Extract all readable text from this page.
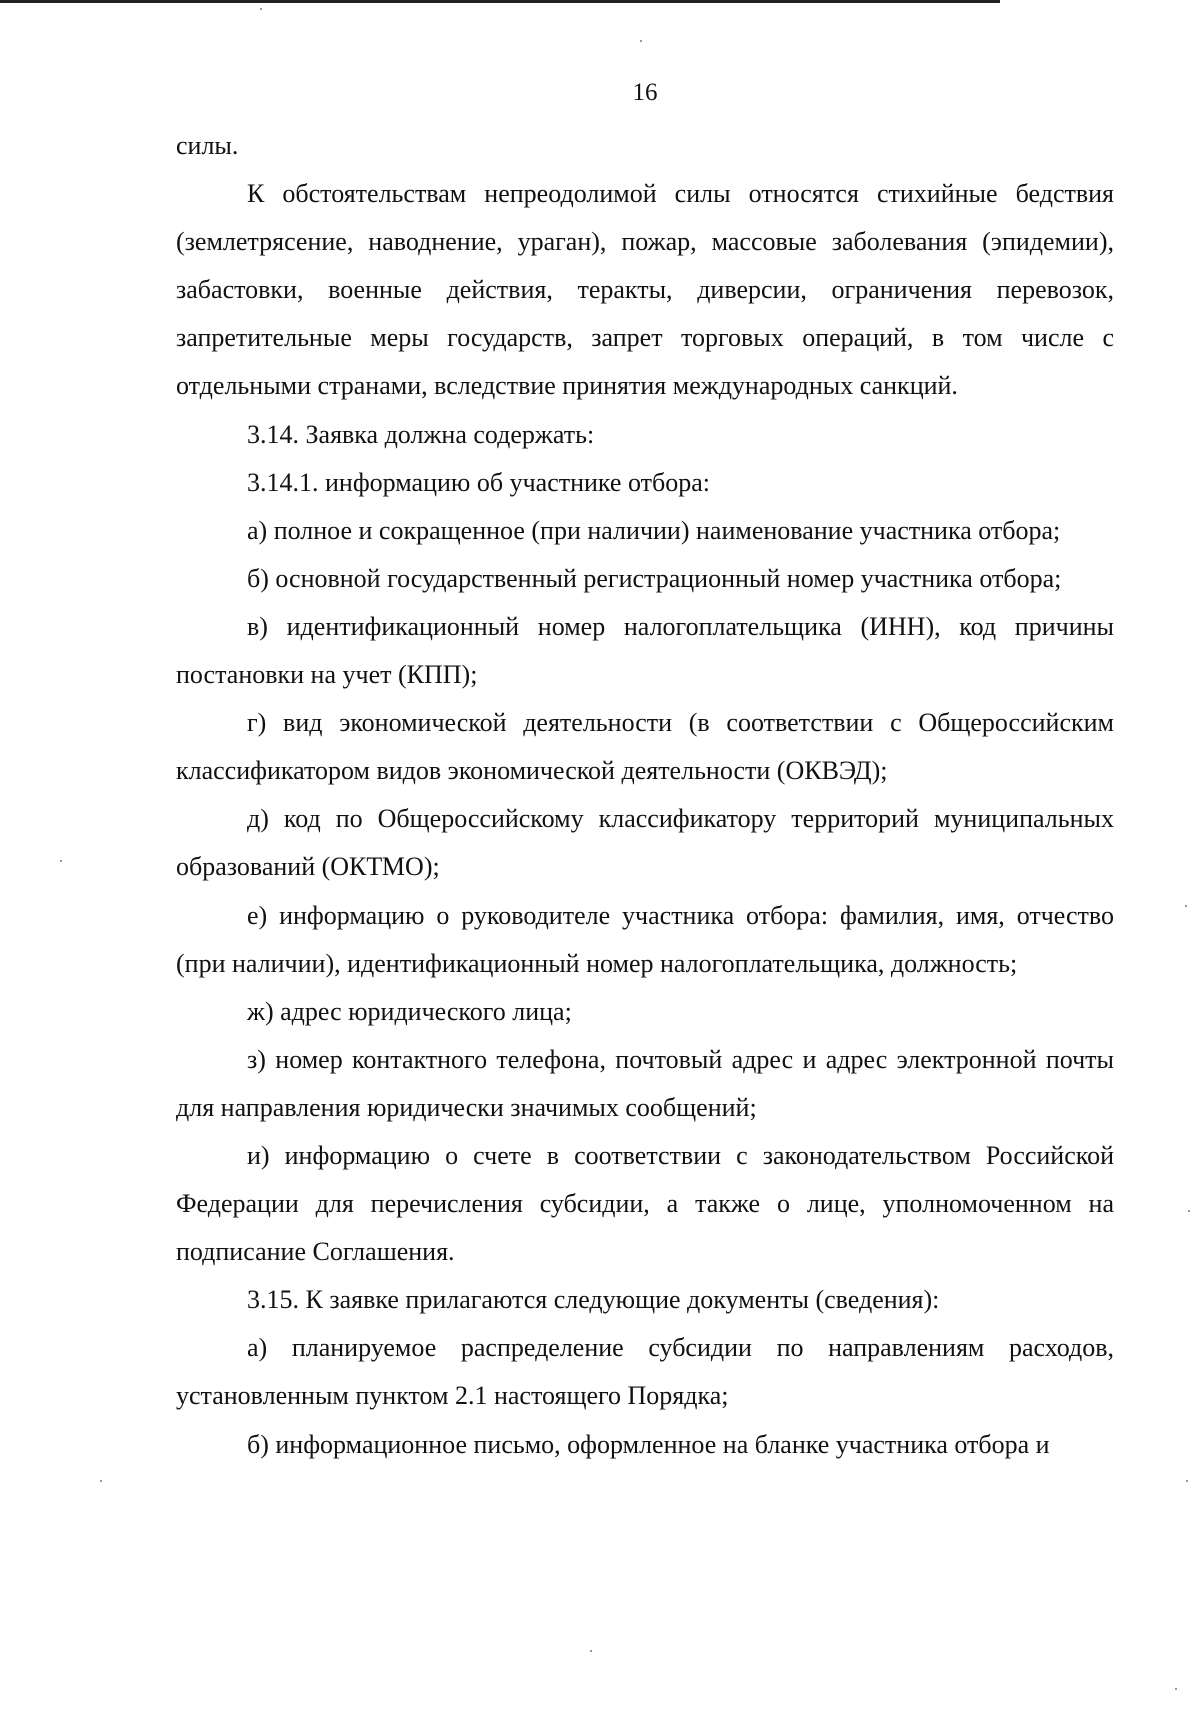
16

силы.

К обстоятельствам непреодолимой силы относятся стихийные бедствия (землетрясение, наводнение, ураган), пожар, массовые заболевания (эпидемии), забастовки, военные действия, теракты, диверсии, ограничения перевозок, запретительные меры государств, запрет торговых операций, в том числе с отдельными странами, вследствие принятия международных санкций.

3.14. Заявка должна содержать:

3.14.1. информацию об участнике отбора:

а) полное и сокращенное (при наличии) наименование участника отбора;

б) основной государственный регистрационный номер участника отбора;

в) идентификационный номер налогоплательщика (ИНН), код причины постановки на учет (КПП);

г) вид экономической деятельности (в соответствии с Общероссийским классификатором видов экономической деятельности (ОКВЭД);

д) код по Общероссийскому классификатору территорий муниципальных образований (ОКТМО);

е) информацию о руководителе участника отбора: фамилия, имя, отчество (при наличии), идентификационный номер налогоплательщика, должность;

ж) адрес юридического лица;

з) номер контактного телефона, почтовый адрес и адрес электронной почты для направления юридически значимых сообщений;

и) информацию о счете в соответствии с законодательством Российской Федерации для перечисления субсидии, а также о лице, уполномоченном на подписание Соглашения.

3.15. К заявке прилагаются следующие документы (сведения):

а) планируемое распределение субсидии по направлениям расходов, установленным пунктом 2.1 настоящего Порядка;

б) информационное письмо, оформленное на бланке участника отбора и
